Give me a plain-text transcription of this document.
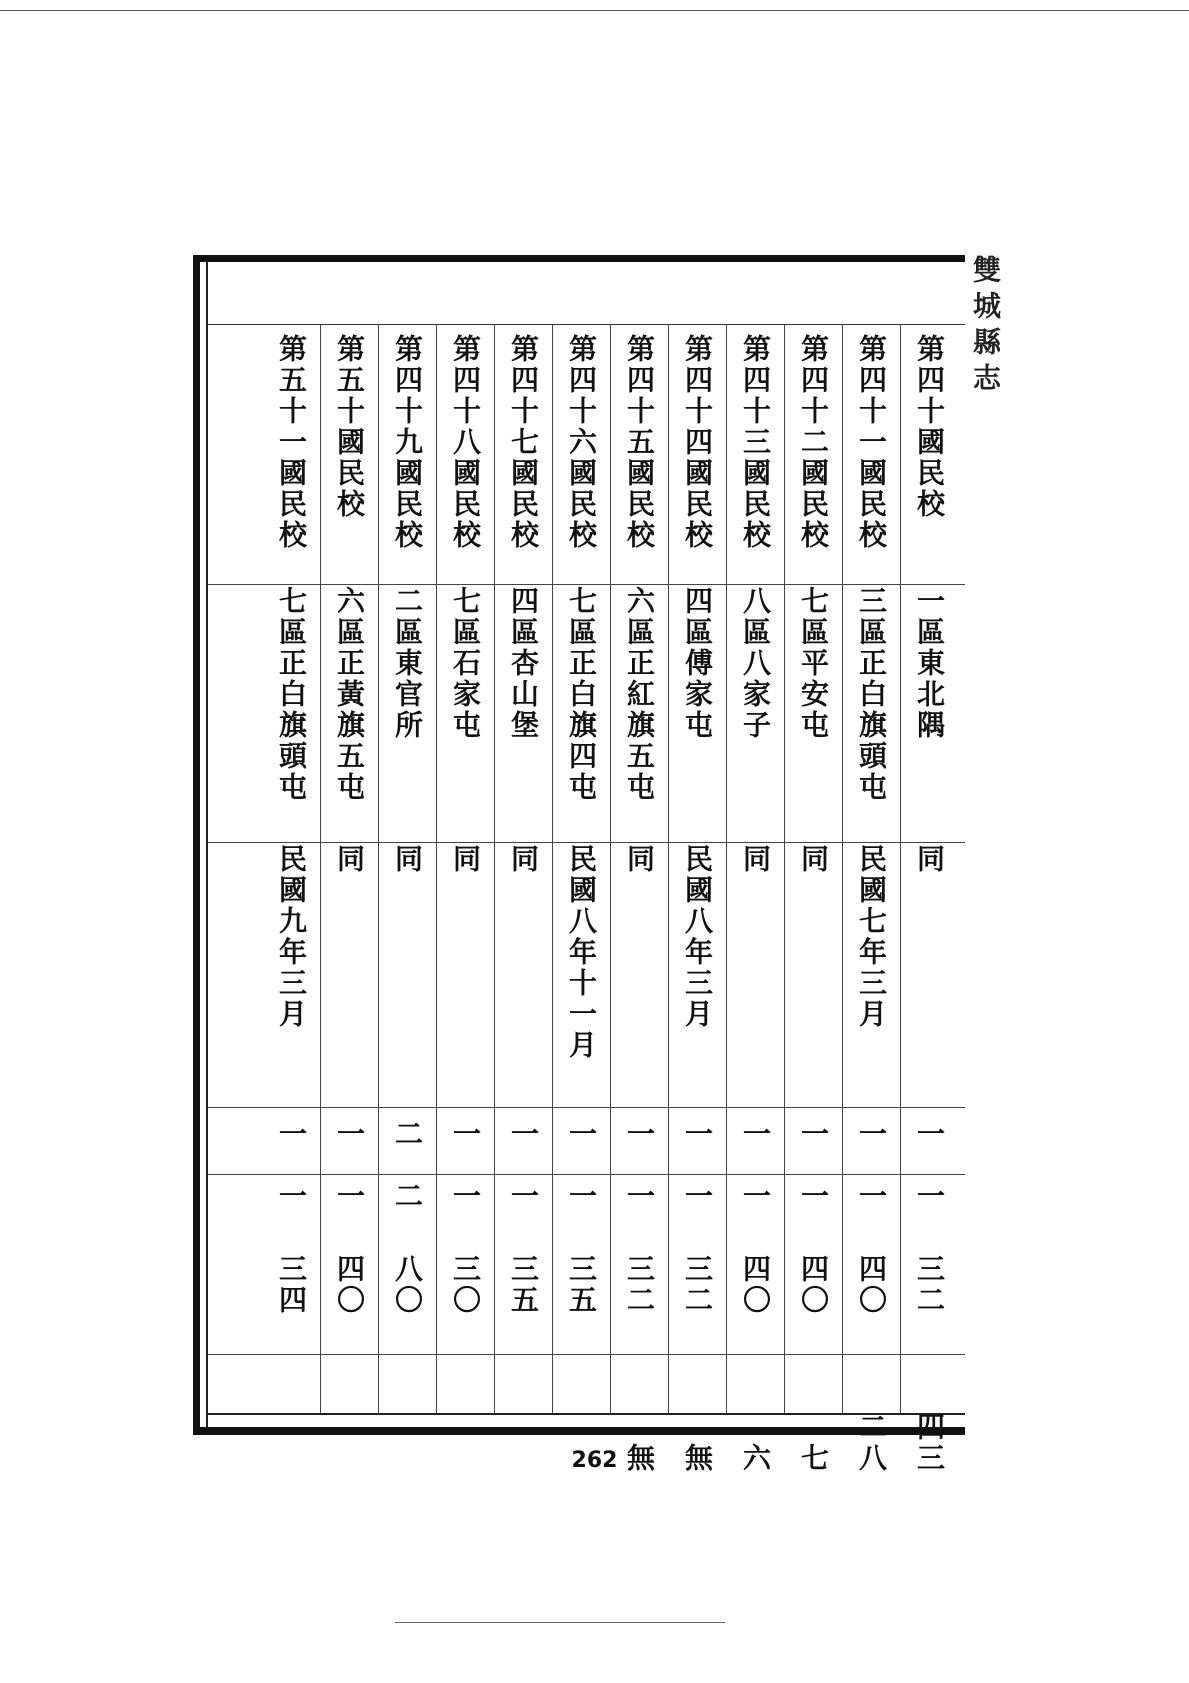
雙城縣志
第四十國民校
一區東北隅
同
一
一
三二
四三
第四十一國民校
三區正白旗頭屯
民國七年三月
一
一
四〇
二八
第四十二國民校
七區平安屯
同
一
一
四〇
七
第四十三國民校
八區八家子
同
一
一
四〇
六
第四十四國民校
四區傅家屯
民國八年三月
一
一
三二
無
第四十五國民校
六區正紅旗五屯
同
一
一
三二
無
第四十六國民校
七區正白旗四屯
民國八年十一月
一
一
三五
第四十七國民校
四區杏山堡
同
一
一
三五
第四十八國民校
七區石家屯
同
一
一
三〇
第四十九國民校
二區東官所
同
二
二
八〇
第五十國民校
六區正黃旗五屯
同
一
一
四〇
第五十一國民校
七區正白旗頭屯
民國九年三月
一
一
三四
262
